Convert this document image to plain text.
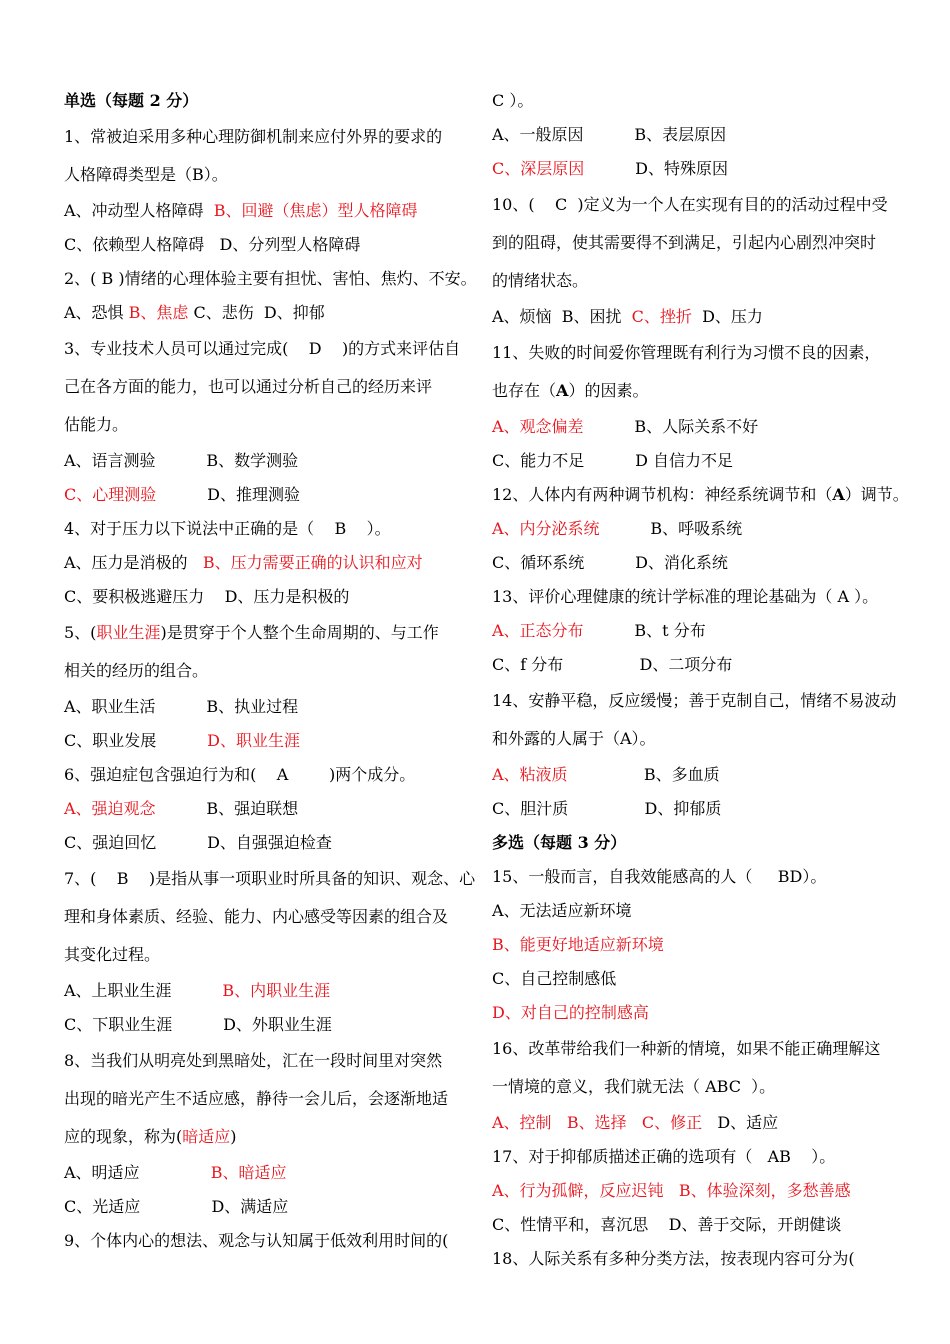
单选（每题 2 分）
1、常被迫采用多种心理防御机制来应付外界的要求的
人格障碍类型是（B）。
A、冲动型人格障碍  B、回避（焦虑）型人格障碍
C、依赖型人格障碍   D、分列型人格障碍
2、( B )情绪的心理体验主要有担忧、害怕、焦灼、不安。
A、恐惧 B、焦虑 C、悲伤  D、抑郁
3、专业技术人员可以通过完成(    D    )的方式来评估自
己在各方面的能力，也可以通过分析自己的经历来评
估能力。
A、语言测验          B、数学测验
C、心理测验          D、推理测验
4、对于压力以下说法中正确的是（    B    ）。
A、压力是消极的   B、压力需要正确的认识和应对
C、要积极逃避压力    D、压力是积极的
5、(职业生涯)是贯穿于个人整个生命周期的、与工作
相关的经历的组合。
A、职业生活          B、执业过程
C、职业发展          D、职业生涯
6、强迫症包含强迫行为和(    A        )两个成分。
A、强迫观念          B、强迫联想
C、强迫回忆          D、自强强迫检查
7、(    B    )是指从事一项职业时所具备的知识、观念、心
理和身体素质、经验、能力、内心感受等因素的组合及
其变化过程。
A、上职业生涯          B、内职业生涯
C、下职业生涯          D、外职业生涯
8、当我们从明亮处到黑暗处，汇在一段时间里对突然
出现的暗光产生不适应感，静待一会儿后，会逐渐地适
应的现象，称为(暗适应)
A、明适应              B、暗适应
C、光适应              D、满适应
9、个体内心的想法、观念与认知属于低效利用时间的(
C ）。
A、一般原因          B、表层原因
C、深层原因          D、特殊原因
10、(    C  )定义为一个人在实现有目的的活动过程中受
到的阻碍，使其需要得不到满足，引起内心剧烈冲突时
的情绪状态。
A、烦恼  B、困扰  C、挫折  D、压力
11、失败的时间爱你管理既有利行为习惯不良的因素，
也存在（A）的因素。
A、观念偏差          B、人际关系不好
C、能力不足          D 自信力不足
12、人体内有两种调节机构：神经系统调节和（A）调节。
A、内分泌系统          B、呼吸系统
C、循环系统          D、消化系统
13、评价心理健康的统计学标准的理论基础为（ A ）。
A、正态分布          B、t 分布
C、f 分布               D、二项分布
14、安静平稳，反应缓慢；善于克制自己，情绪不易波动
和外露的人属于（A）。
A、粘液质               B、多血质
C、胆汁质               D、抑郁质
多选（每题 3 分）
15、一般而言，自我效能感高的人（     BD）。
A、无法适应新环境
B、能更好地适应新环境
C、自己控制感低
D、对自己的控制感高
16、改革带给我们一种新的情境，如果不能正确理解这
一情境的意义，我们就无法（ ABC  ）。
A、控制   B、选择   C、修正   D、适应
17、对于抑郁质描述正确的选项有（   AB    ）。
A、行为孤僻，反应迟钝   B、体验深刻，多愁善感
C、性情平和，喜沉思    D、善于交际，开朗健谈
18、人际关系有多种分类方法，按表现内容可分为(
